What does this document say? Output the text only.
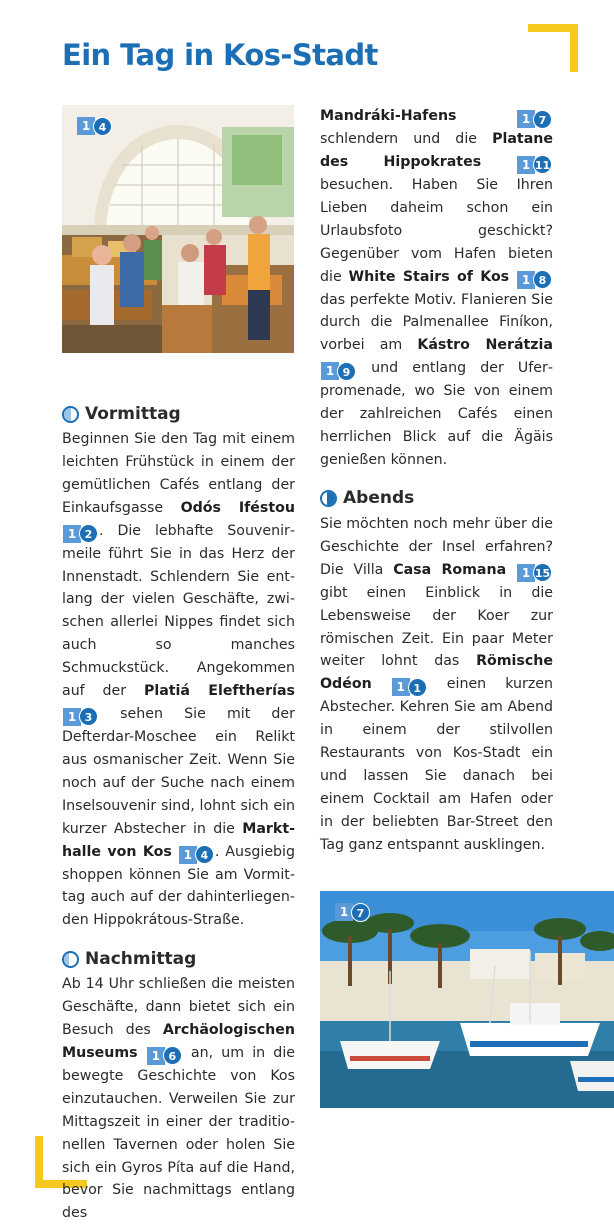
Ein Tag in Kos-Stadt
1 4
Vormittag

Beginnen Sie den Tag mit einem leichten Frühstück in einem der gemütlichen Cafés entlang der Einkaufsgasse Odós Iféstou
1 2 . Die lebhafte Souvenirmeile führt Sie in das Herz der Innenstadt. Schlendern Sie entlang der vielen Geschäfte, zwischen allerlei Nippes findet sich auch so manches Schmuckstück. Angekommen auf der Platiá Eleftherías
1 3 sehen Sie mit der Defterdar-Moschee ein Relikt aus osmanischer Zeit. Wenn Sie noch auf der Suche nach einem Inselsouvenir sind, lohnt sich ein kurzer Abstecher in die Markthalle von Kos 1 4 . Ausgiebig shoppen können Sie am Vormittag auch auf der dahinterliegenden Hippokrátous-Straße.

Nachmittag

Ab 14 Uhr schließen die meisten Geschäfte, dann bietet sich ein Besuch des Archäologischen Museums	1 6 an, um in die bewegte Geschichte von Kos einzutauchen. Verweilen Sie zur Mittagszeit in einer der traditionellen Tavernen oder holen Sie sich ein Gyros Píta auf die Hand, bevor Sie nachmittags entlang des

Mandráki-Hafens	1 7
schlendern und die Platane des Hippokrates	1 11
besuchen. Haben Sie Ihren Lieben daheim schon ein Urlaubsfoto geschickt? Gegenüber vom Hafen bieten die White Stairs of Kos	1 8
das perfekte Motiv. Flanieren Sie durch die Palmenallee Finíkon, vorbei am Kástro Nerátzia
1 9 und entlang der Uferpromenade, wo Sie von einem der zahlreichen Cafés einen herrlichen Blick auf die Ägäis genießen können.

Abends

Sie möchten noch mehr über die Geschichte der Insel erfahren? Die Villa Casa Romana	1 15
gibt einen Einblick in die Lebensweise der Koer zur römischen Zeit. Ein paar Meter weiter lohnt das Römische Odéon	1 1 einen kurzen Abstecher. Kehren Sie am Abend in einem der stilvollen Restaurants von Kos-Stadt ein und lassen Sie danach bei einem Cocktail am Hafen oder in der beliebten Bar-Street den Tag ganz entspannt ausklingen.

1 7
